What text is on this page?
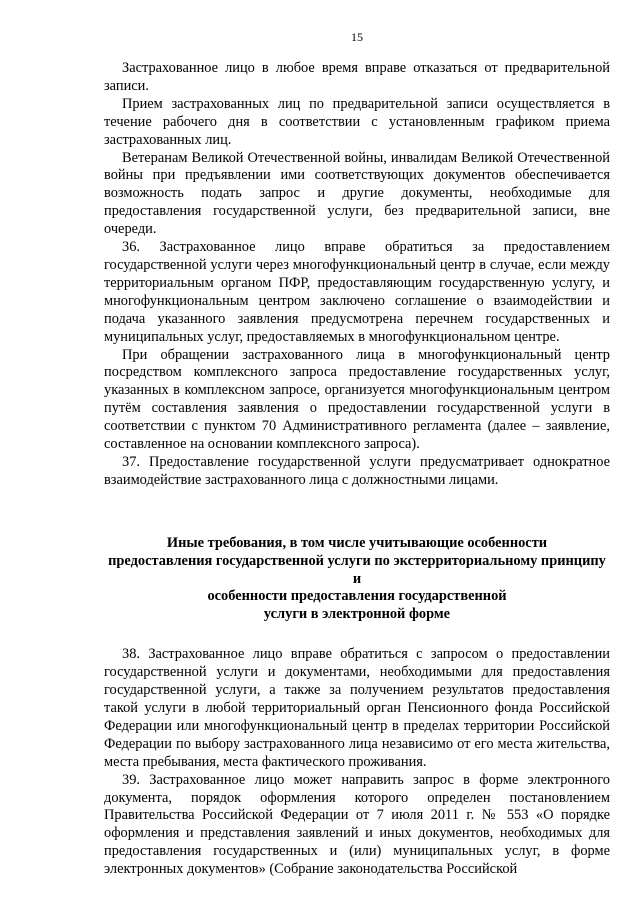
15

Застрахованное лицо в любое время вправе отказаться от предварительной записи.

Прием застрахованных лиц по предварительной записи осуществляется в течение рабочего дня в соответствии с установленным графиком приема застрахованных лиц.

Ветеранам Великой Отечественной войны, инвалидам Великой Отечественной войны при предъявлении ими соответствующих документов обеспечивается возможность подать запрос и другие документы, необходимые для предоставления государственной услуги, без предварительной записи, вне очереди.

36. Застрахованное лицо вправе обратиться за предоставлением государственной услуги через многофункциональный центр в случае, если между территориальным органом ПФР, предоставляющим государственную услугу, и многофункциональным центром заключено соглашение о взаимодействии и подача указанного заявления предусмотрена перечнем государственных и муниципальных услуг, предоставляемых в многофункциональном центре.

При обращении застрахованного лица в многофункциональный центр посредством комплексного запроса предоставление государственных услуг, указанных в комплексном запросе, организуется многофункциональным центром путём составления заявления о предоставлении государственной услуги в соответствии с пунктом 70 Административного регламента (далее – заявление, составленное на основании комплексного запроса).

37. Предоставление государственной услуги предусматривает однократное взаимодействие застрахованного лица с должностными лицами.

Иные требования, в том числе учитывающие особенности
предоставления государственной услуги по экстерриториальному принципу и
особенности предоставления государственной
услуги в электронной форме

38. Застрахованное лицо вправе обратиться с запросом о предоставлении государственной услуги и документами, необходимыми для предоставления государственной услуги, а также за получением результатов предоставления такой услуги в любой территориальный орган Пенсионного фонда Российской Федерации или многофункциональный центр в пределах территории Российской Федерации по выбору застрахованного лица независимо от его места жительства, места пребывания, места фактического проживания.

39. Застрахованное лицо может направить запрос в форме электронного документа, порядок оформления которого определен постановлением Правительства Российской Федерации от 7 июля 2011 г. № 553 «О порядке оформления и представления заявлений и иных документов, необходимых для предоставления государственных и (или) муниципальных услуг, в форме электронных документов» (Собрание законодательства Российской
